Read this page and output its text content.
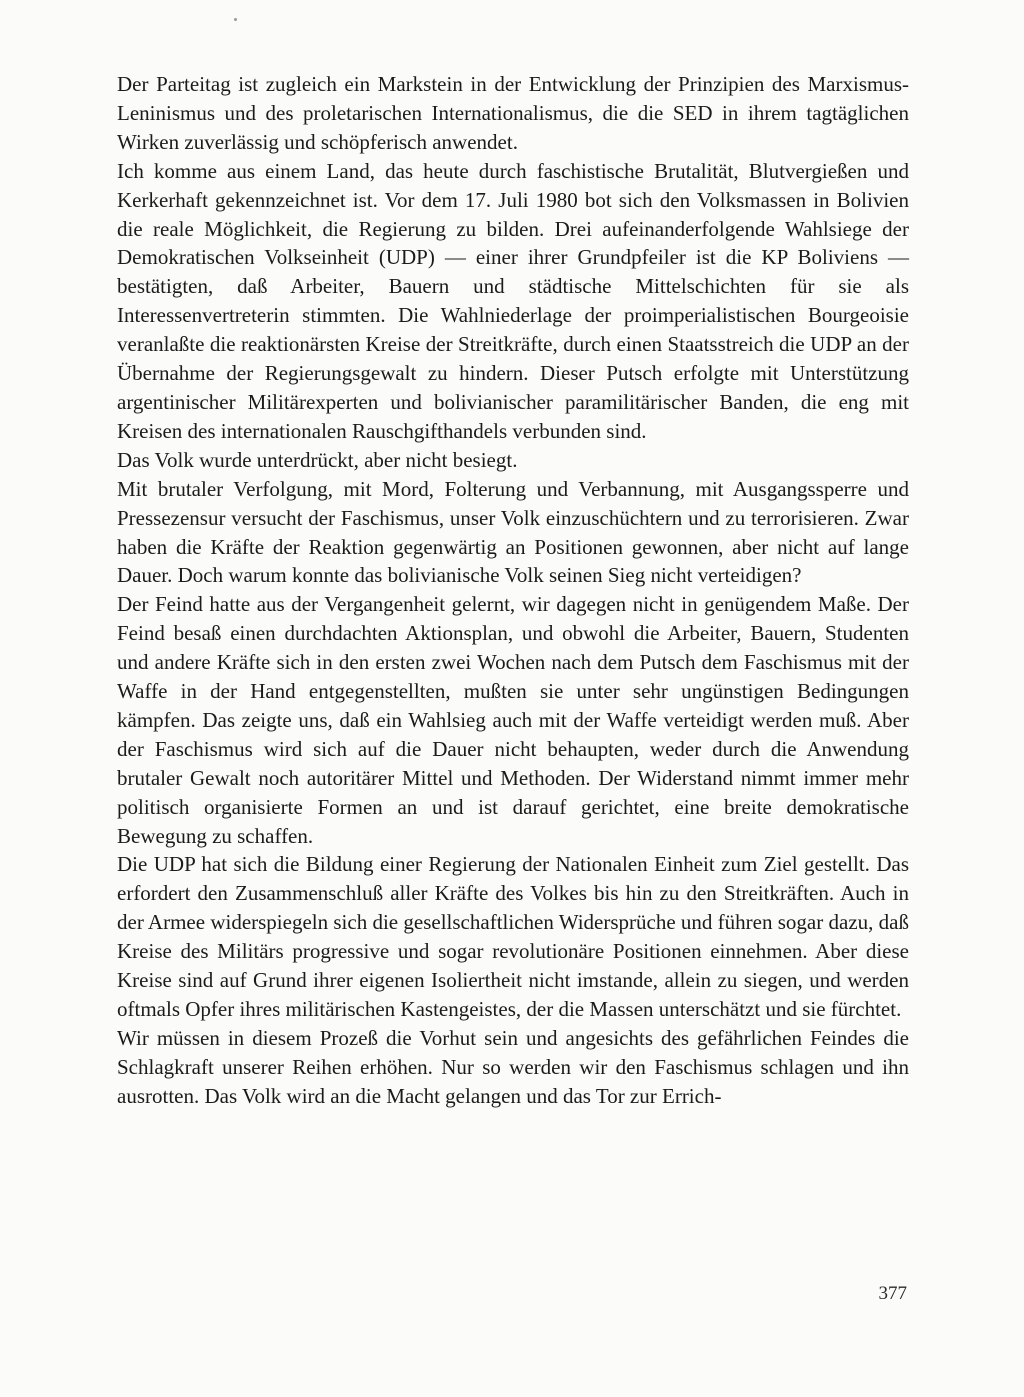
Der Parteitag ist zugleich ein Markstein in der Entwicklung der Prinzipien des Marxismus-Leninismus und des proletarischen Internationalismus, die die SED in ihrem tagtäglichen Wirken zuverlässig und schöpferisch anwendet.

Ich komme aus einem Land, das heute durch faschistische Brutalität, Blutvergießen und Kerkerhaft gekennzeichnet ist. Vor dem 17. Juli 1980 bot sich den Volksmassen in Bolivien die reale Möglichkeit, die Regierung zu bilden. Drei aufeinanderfolgende Wahlsiege der Demokratischen Volkseinheit (UDP) — einer ihrer Grundpfeiler ist die KP Boliviens — bestätigten, daß Arbeiter, Bauern und städtische Mittelschichten für sie als Interessenvertreterin stimmten. Die Wahlniederlage der proimperialistischen Bourgeoisie veranlaßte die reaktionärsten Kreise der Streitkräfte, durch einen Staatsstreich die UDP an der Übernahme der Regierungsgewalt zu hindern. Dieser Putsch erfolgte mit Unterstützung argentinischer Militärexperten und bolivianischer paramilitärischer Banden, die eng mit Kreisen des internationalen Rauschgifthandels verbunden sind.

Das Volk wurde unterdrückt, aber nicht besiegt.

Mit brutaler Verfolgung, mit Mord, Folterung und Verbannung, mit Ausgangssperre und Pressezensur versucht der Faschismus, unser Volk einzuschüchtern und zu terrorisieren. Zwar haben die Kräfte der Reaktion gegenwärtig an Positionen gewonnen, aber nicht auf lange Dauer. Doch warum konnte das bolivianische Volk seinen Sieg nicht verteidigen?

Der Feind hatte aus der Vergangenheit gelernt, wir dagegen nicht in genügendem Maße. Der Feind besaß einen durchdachten Aktionsplan, und obwohl die Arbeiter, Bauern, Studenten und andere Kräfte sich in den ersten zwei Wochen nach dem Putsch dem Faschismus mit der Waffe in der Hand entgegenstellten, mußten sie unter sehr ungünstigen Bedingungen kämpfen. Das zeigte uns, daß ein Wahlsieg auch mit der Waffe verteidigt werden muß. Aber der Faschismus wird sich auf die Dauer nicht behaupten, weder durch die Anwendung brutaler Gewalt noch autoritärer Mittel und Methoden. Der Widerstand nimmt immer mehr politisch organisierte Formen an und ist darauf gerichtet, eine breite demokratische Bewegung zu schaffen.

Die UDP hat sich die Bildung einer Regierung der Nationalen Einheit zum Ziel gestellt. Das erfordert den Zusammenschluß aller Kräfte des Volkes bis hin zu den Streitkräften. Auch in der Armee widerspiegeln sich die gesellschaftlichen Widersprüche und führen sogar dazu, daß Kreise des Militärs progressive und sogar revolutionäre Positionen einnehmen. Aber diese Kreise sind auf Grund ihrer eigenen Isoliertheit nicht imstande, allein zu siegen, und werden oftmals Opfer ihres militärischen Kastengeistes, der die Massen unterschätzt und sie fürchtet.

Wir müssen in diesem Prozeß die Vorhut sein und angesichts des gefährlichen Feindes die Schlagkraft unserer Reihen erhöhen. Nur so werden wir den Faschismus schlagen und ihn ausrotten. Das Volk wird an die Macht gelangen und das Tor zur Errich-

377
